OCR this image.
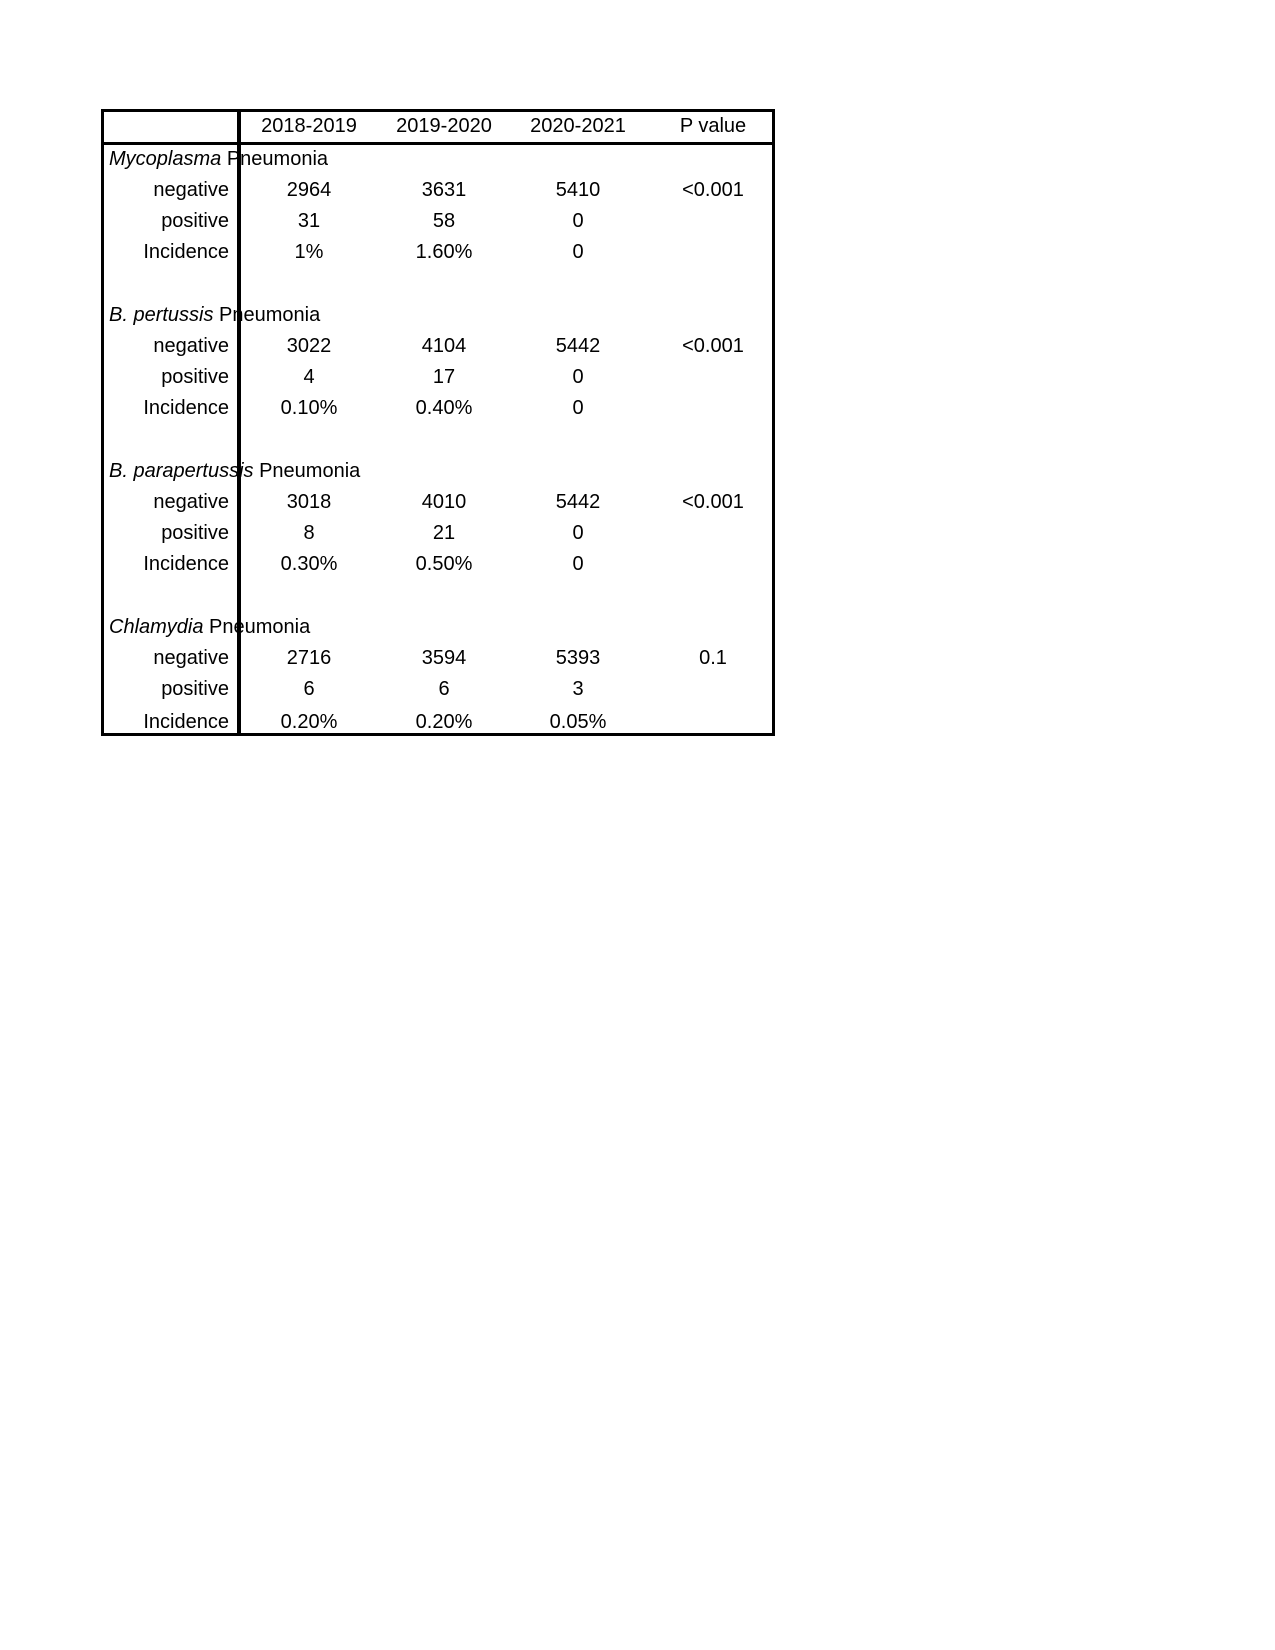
2018-2019	2019-2020	2020-2021	P value
Mycoplasma Pneumonia
negative	2964	3631	5410	<0.001
positive	31	58	0
Incidence	1%	1.60%	0
B. pertussis Pneumonia
negative	3022	4104	5442	<0.001
positive	4	17	0
Incidence	0.10%	0.40%	0
B. parapertussis Pneumonia
negative	3018	4010	5442	<0.001
positive	8	21	0
Incidence	0.30%	0.50%	0
Chlamydia Pneumonia
negative	2716	3594	5393	0.1
positive	6	6	3
Incidence	0.20%	0.20%	0.05%
